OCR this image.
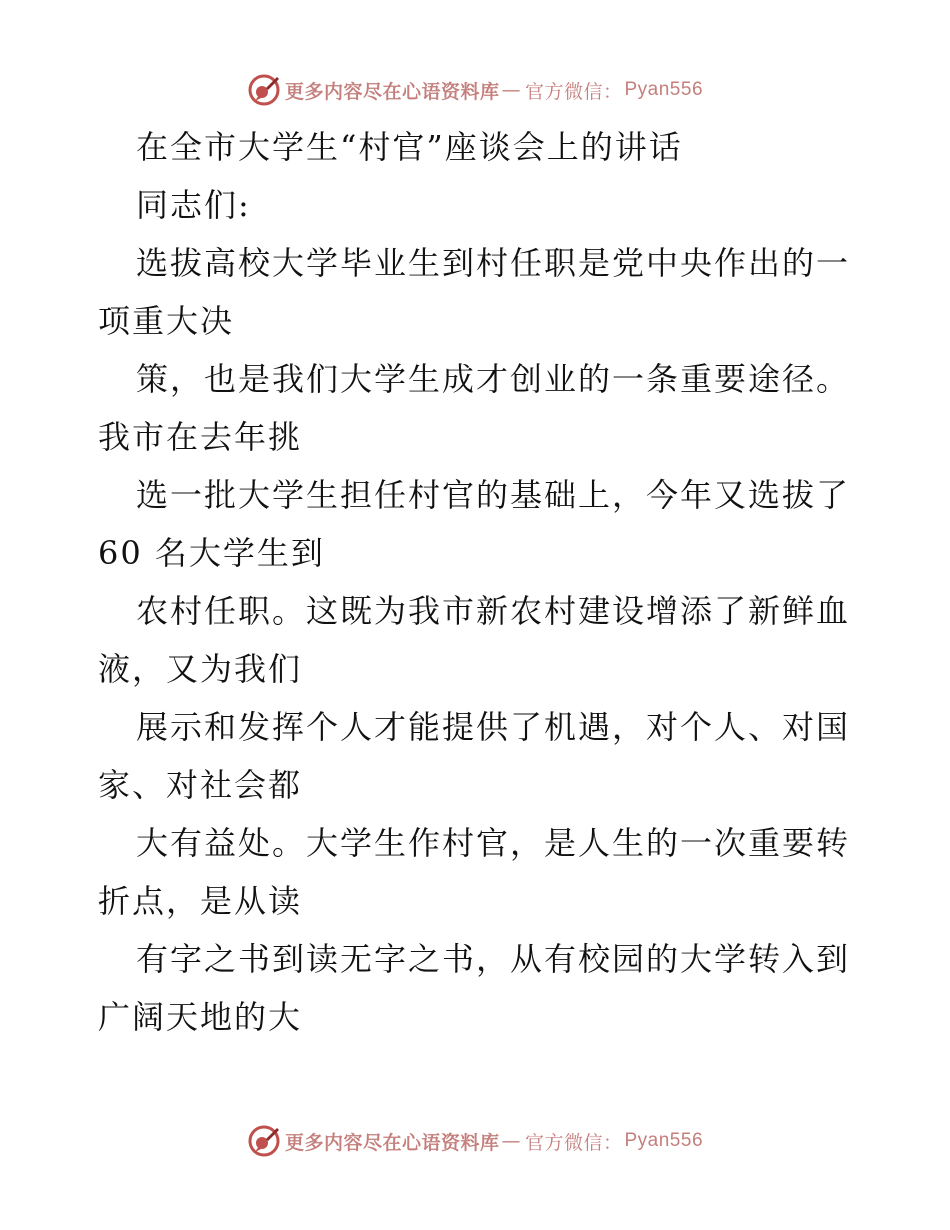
更多内容尽在心语资料库 — 官方微信： Pyan556
在全市大学生“村官”座谈会上的讲话
同志们:
选拔高校大学毕业生到村任职是党中央作出的一
项重大决
策，也是我们大学生成才创业的一条重要途径。
我市在去年挑
选一批大学生担任村官的基础上，今年又选拔了
60 名大学生到
农村任职。这既为我市新农村建设增添了新鲜血
液，又为我们
展示和发挥个人才能提供了机遇，对个人、对国
家、对社会都
大有益处。大学生作村官，是人生的一次重要转
折点，是从读
有字之书到读无字之书，从有校园的大学转入到
广阔天地的大
更多内容尽在心语资料库 — 官方微信： Pyan556
